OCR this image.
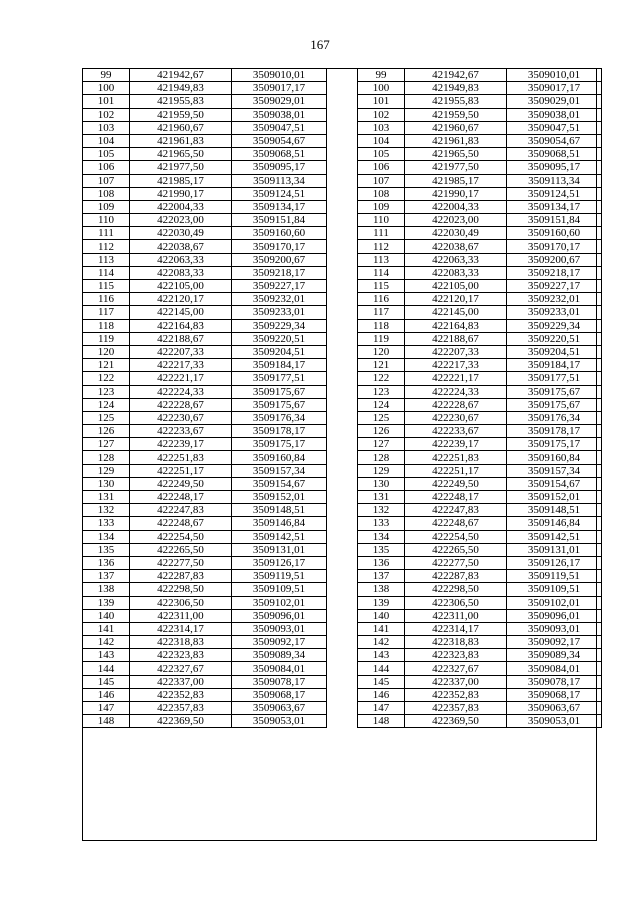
167
99	421942,67	3509010,01
100	421949,83	3509017,17
101	421955,83	3509029,01
102	421959,50	3509038,01
103	421960,67	3509047,51
104	421961,83	3509054,67
105	421965,50	3509068,51
106	421977,50	3509095,17
107	421985,17	3509113,34
108	421990,17	3509124,51
109	422004,33	3509134,17
110	422023,00	3509151,84
111	422030,49	3509160,60
112	422038,67	3509170,17
113	422063,33	3509200,67
114	422083,33	3509218,17
115	422105,00	3509227,17
116	422120,17	3509232,01
117	422145,00	3509233,01
118	422164,83	3509229,34
119	422188,67	3509220,51
120	422207,33	3509204,51
121	422217,33	3509184,17
122	422221,17	3509177,51
123	422224,33	3509175,67
124	422228,67	3509175,67
125	422230,67	3509176,34
126	422233,67	3509178,17
127	422239,17	3509175,17
128	422251,83	3509160,84
129	422251,17	3509157,34
130	422249,50	3509154,67
131	422248,17	3509152,01
132	422247,83	3509148,51
133	422248,67	3509146,84
134	422254,50	3509142,51
135	422265,50	3509131,01
136	422277,50	3509126,17
137	422287,83	3509119,51
138	422298,50	3509109,51
139	422306,50	3509102,01
140	422311,00	3509096,01
141	422314,17	3509093,01
142	422318,83	3509092,17
143	422323,83	3509089,34
144	422327,67	3509084,01
145	422337,00	3509078,17
146	422352,83	3509068,17
147	422357,83	3509063,67
148	422369,50	3509053,01
99	421942,67	3509010,01
100	421949,83	3509017,17
101	421955,83	3509029,01
102	421959,50	3509038,01
103	421960,67	3509047,51
104	421961,83	3509054,67
105	421965,50	3509068,51
106	421977,50	3509095,17
107	421985,17	3509113,34
108	421990,17	3509124,51
109	422004,33	3509134,17
110	422023,00	3509151,84
111	422030,49	3509160,60
112	422038,67	3509170,17
113	422063,33	3509200,67
114	422083,33	3509218,17
115	422105,00	3509227,17
116	422120,17	3509232,01
117	422145,00	3509233,01
118	422164,83	3509229,34
119	422188,67	3509220,51
120	422207,33	3509204,51
121	422217,33	3509184,17
122	422221,17	3509177,51
123	422224,33	3509175,67
124	422228,67	3509175,67
125	422230,67	3509176,34
126	422233,67	3509178,17
127	422239,17	3509175,17
128	422251,83	3509160,84
129	422251,17	3509157,34
130	422249,50	3509154,67
131	422248,17	3509152,01
132	422247,83	3509148,51
133	422248,67	3509146,84
134	422254,50	3509142,51
135	422265,50	3509131,01
136	422277,50	3509126,17
137	422287,83	3509119,51
138	422298,50	3509109,51
139	422306,50	3509102,01
140	422311,00	3509096,01
141	422314,17	3509093,01
142	422318,83	3509092,17
143	422323,83	3509089,34
144	422327,67	3509084,01
145	422337,00	3509078,17
146	422352,83	3509068,17
147	422357,83	3509063,67
148	422369,50	3509053,01
